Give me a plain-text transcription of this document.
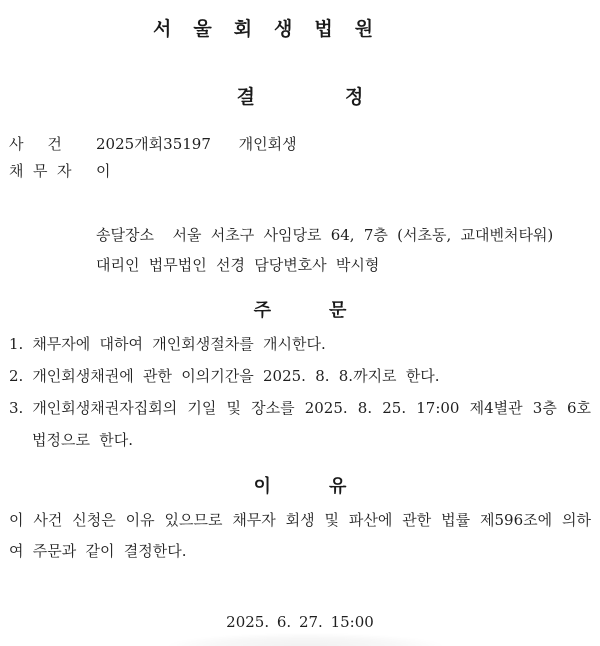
서울회생법원
결정
사     건	2025개회35197   개인회생
채  무  자	이
송달장소  서울 서초구 사임당로 64, 7층 (서초동, 교대벤처타워)
대리인 법무법인 선경 담당변호사 박시형
주문
1. 채무자에 대하여 개인회생절차를 개시한다.
2. 개인회생채권에 관한 이의기간을 2025. 8. 8.까지로 한다.
3. 개인회생채권자집회의 기일 및 장소를 2025. 8. 25. 17:00 제4별관 3층 6호 법정으로 한다.
이유
이 사건 신청은 이유 있으므로 채무자 회생 및 파산에 관한 법률 제596조에 의하여 주문과 같이 결정한다.
2025. 6. 27. 15:00
